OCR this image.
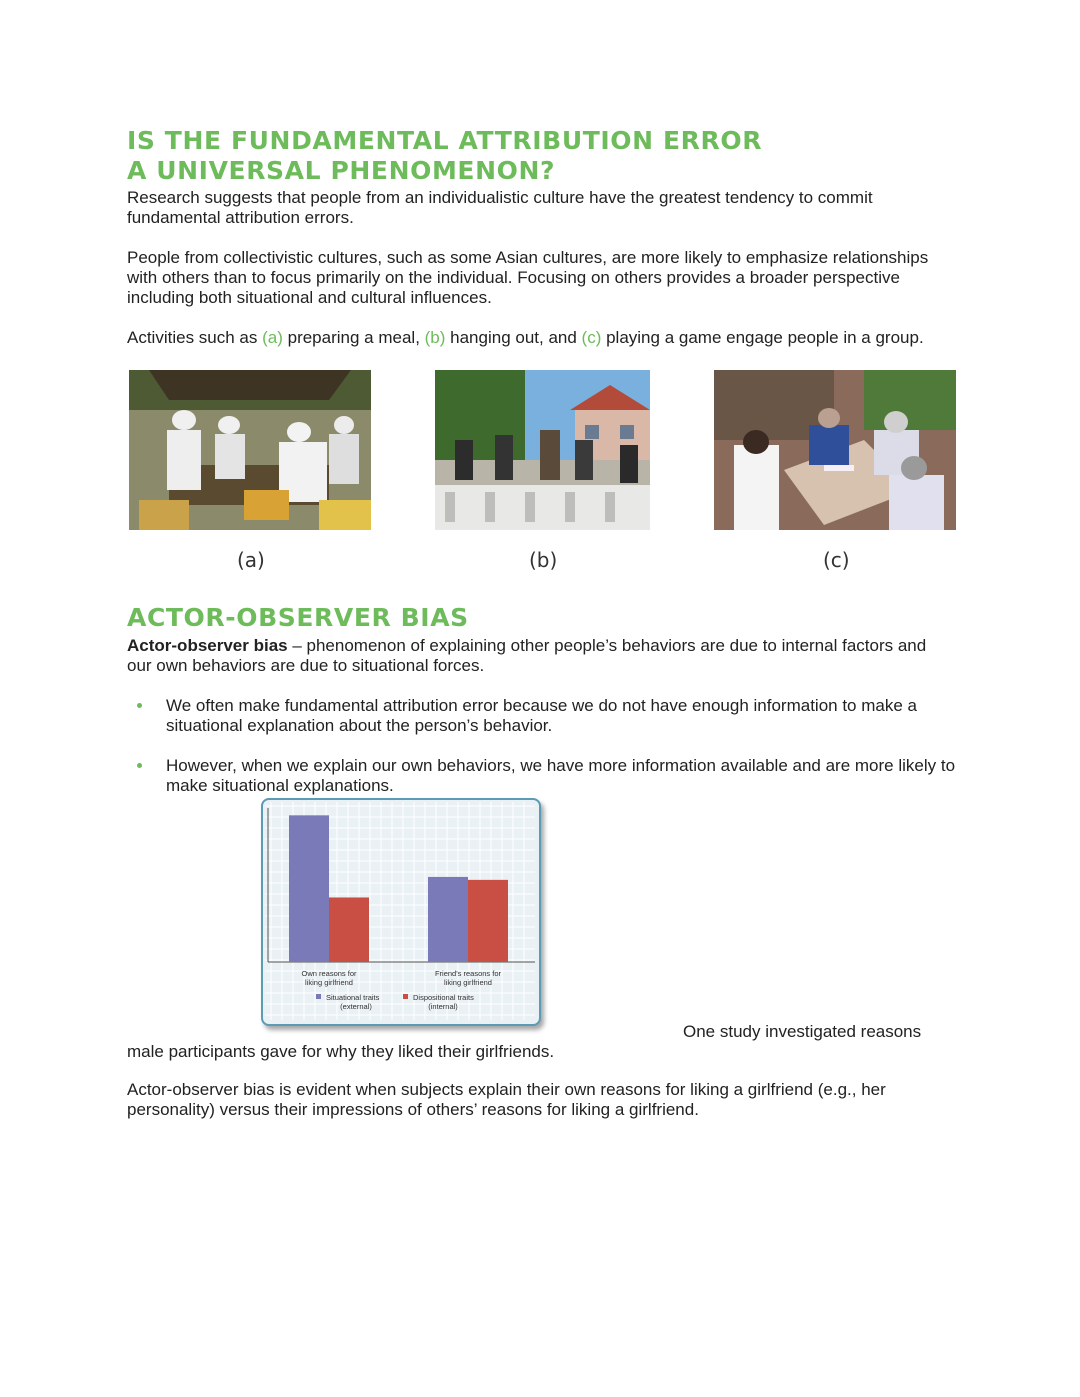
IS THE FUNDAMENTAL ATTRIBUTION ERROR
A UNIVERSAL PHENOMENON?
Research suggests that people from an individualistic culture have the greatest tendency to commit fundamental attribution errors.
People from collectivistic cultures, such as some Asian cultures, are more likely to emphasize relationships with others than to focus primarily on the individual. Focusing on others provides a broader perspective including both situational and cultural influences.
Activities such as (a) preparing a meal, (b) hanging out, and (c) playing a game engage people in a group.
(a)	(b)	(c)
ACTOR-OBSERVER BIAS
Actor-observer bias – phenomenon of explaining other people’s behaviors are due to internal factors and our own behaviors are due to situational forces.
We often make fundamental attribution error because we do not have enough information to make a situational explanation about the person’s behavior.
However, when we explain our own behaviors, we have more information available and are more likely to make situational explanations.
Own reasons for
liking girlfriend
Friend's reasons for
liking girlfriend
Situational traits
(external)
Dispositional traits
(internal)
One study investigated reasons
male participants gave for why they liked their girlfriends.
Actor-observer bias is evident when subjects explain their own reasons for liking a girlfriend (e.g., her personality) versus their impressions of others’ reasons for liking a girlfriend.
